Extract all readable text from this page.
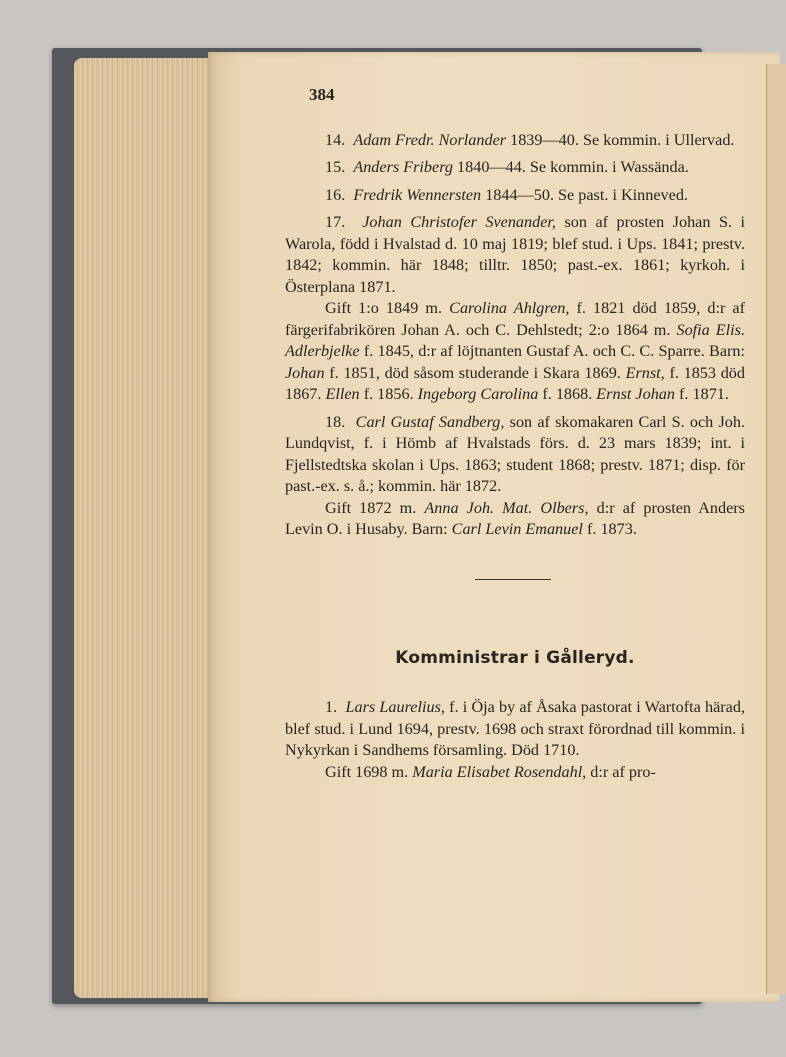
384

14. Adam Fredr. Norlander 1839—40. Se kommin. i Ullervad.

15. Anders Friberg 1840—44. Se kommin. i Wassända.

16. Fredrik Wennersten 1844—50. Se past. i Kinneved.

17. Johan Christofer Svenander, son af prosten Johan S. i Warola, född i Hvalstad d. 10 maj 1819; blef stud. i Ups. 1841; prestv. 1842; kommin. här 1848; tilltr. 1850; past.-ex. 1861; kyrkoh. i Österplana 1871.

Gift 1:o 1849 m. Carolina Ahlgren, f. 1821 död 1859, d:r af färgerifabrikören Johan A. och C. Dehlstedt; 2:o 1864 m. Sofia Elis. Adlerbjelke f. 1845, d:r af löjtnanten Gustaf A. och C. C. Sparre. Barn: Johan f. 1851, död såsom studerande i Skara 1869. Ernst, f. 1853 död 1867. Ellen f. 1856. Ingeborg Carolina f. 1868. Ernst Johan f. 1871.

18. Carl Gustaf Sandberg, son af skomakaren Carl S. och Joh. Lundqvist, f. i Hömb af Hvalstads förs. d. 23 mars 1839; int. i Fjellstedtska skolan i Ups. 1863; student 1868; prestv. 1871; disp. för past.-ex. s. å.; kommin. här 1872.

Gift 1872 m. Anna Joh. Mat. Olbers, d:r af prosten Anders Levin O. i Husaby. Barn: Carl Levin Emanuel f. 1873.

Komministrar i Gålleryd.

1. Lars Laurelius, f. i Öja by af Åsaka pastorat i Wartofta härad, blef stud. i Lund 1694, prestv. 1698 och straxt förordnad till kommin. i Nykyrkan i Sandhems församling. Död 1710.

Gift 1698 m. Maria Elisabet Rosendahl, d:r af pro-
